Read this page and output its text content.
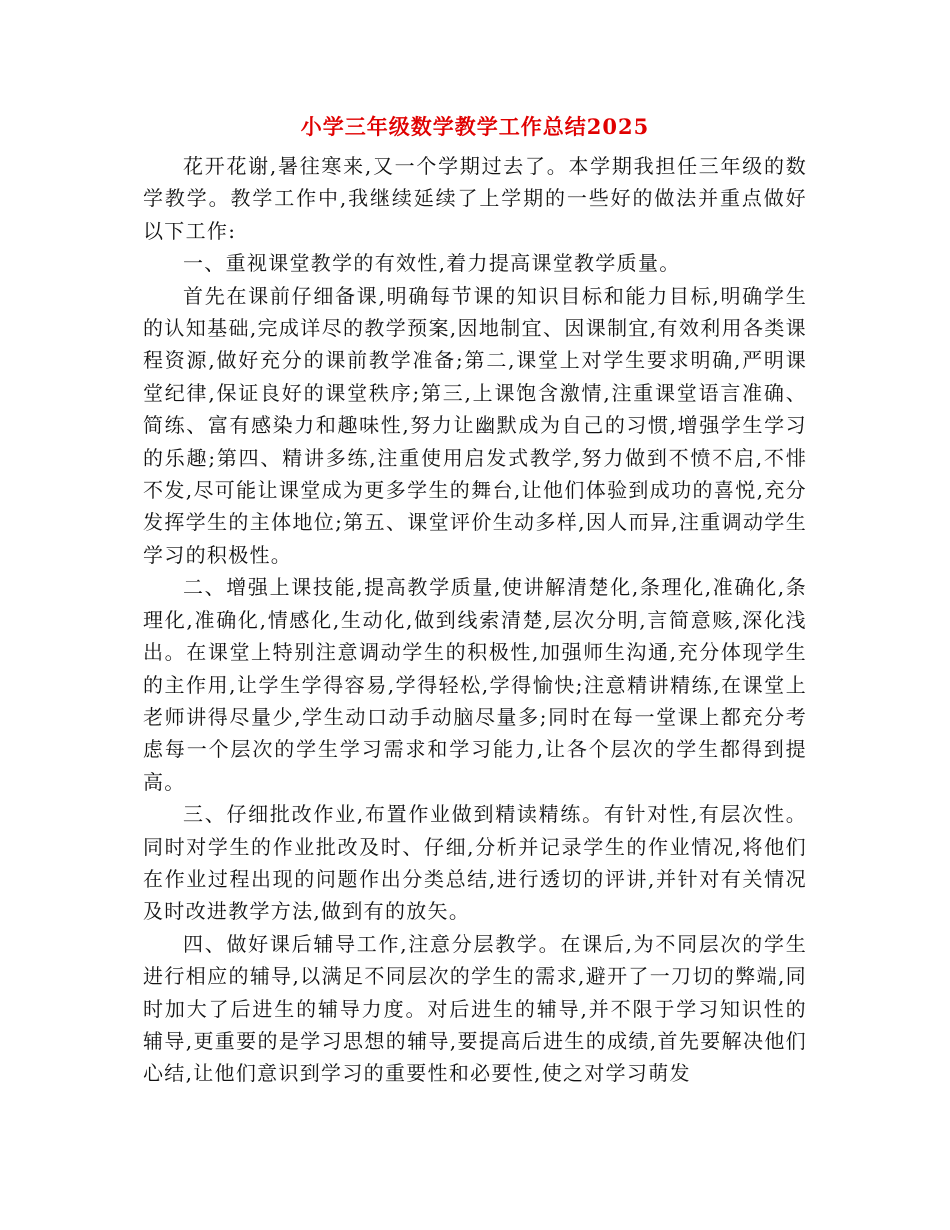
小学三年级数学教学工作总结2025

花开花谢,暑往寒来,又一个学期过去了。本学期我担任三年级的数学教学。教学工作中,我继续延续了上学期的一些好的做法并重点做好以下工作:

一、重视课堂教学的有效性,着力提高课堂教学质量。

首先在课前仔细备课,明确每节课的知识目标和能力目标,明确学生的认知基础,完成详尽的教学预案,因地制宜、因课制宜,有效利用各类课程资源,做好充分的课前教学准备;第二,课堂上对学生要求明确,严明课堂纪律,保证良好的课堂秩序;第三,上课饱含激情,注重课堂语言准确、简练、富有感染力和趣味性,努力让幽默成为自己的习惯,增强学生学习的乐趣;第四、精讲多练,注重使用启发式教学,努力做到不愤不启,不悱不发,尽可能让课堂成为更多学生的舞台,让他们体验到成功的喜悦,充分发挥学生的主体地位;第五、课堂评价生动多样,因人而异,注重调动学生学习的积极性。

二、增强上课技能,提高教学质量,使讲解清楚化,条理化,准确化,条理化,准确化,情感化,生动化,做到线索清楚,层次分明,言简意赅,深化浅出。在课堂上特别注意调动学生的积极性,加强师生沟通,充分体现学生的主作用,让学生学得容易,学得轻松,学得愉快;注意精讲精练,在课堂上老师讲得尽量少,学生动口动手动脑尽量多;同时在每一堂课上都充分考虑每一个层次的学生学习需求和学习能力,让各个层次的学生都得到提高。

三、仔细批改作业,布置作业做到精读精练。有针对性,有层次性。同时对学生的作业批改及时、仔细,分析并记录学生的作业情况,将他们在作业过程出现的问题作出分类总结,进行透切的评讲,并针对有关情况及时改进教学方法,做到有的放矢。

四、做好课后辅导工作,注意分层教学。在课后,为不同层次的学生进行相应的辅导,以满足不同层次的学生的需求,避开了一刀切的弊端,同时加大了后进生的辅导力度。对后进生的辅导,并不限于学习知识性的辅导,更重要的是学习思想的辅导,要提高后进生的成绩,首先要解决他们心结,让他们意识到学习的重要性和必要性,使之对学习萌发
